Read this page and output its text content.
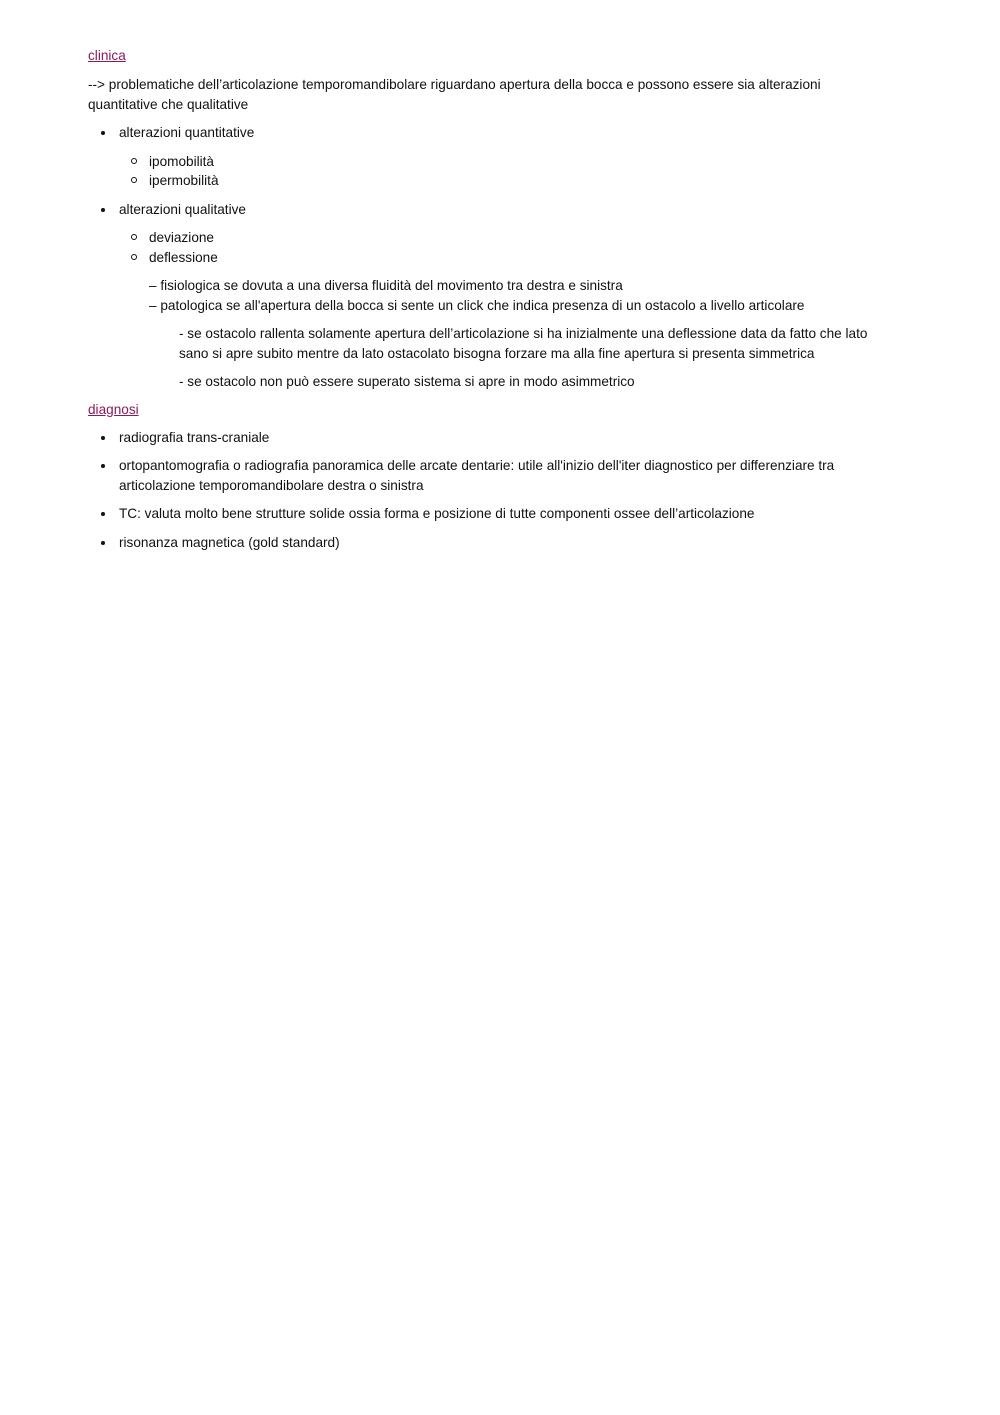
clinica

--> problematiche dell’articolazione temporomandibolare riguardano apertura della bocca e possono essere sia alterazioni quantitative che qualitative

alterazioni quantitative
ipomobilità
ipermobilità
alterazioni qualitative
deviazione
deflessione

– fisiologica se dovuta a una diversa fluidità del movimento tra destra e sinistra

– patologica se all'apertura della bocca si sente un click che indica presenza di un ostacolo a livello articolare

- se ostacolo rallenta solamente apertura dell’articolazione si ha inizialmente una deflessione data da fatto che lato sano si apre subito mentre da lato ostacolato bisogna forzare ma alla fine apertura si presenta simmetrica

- se ostacolo non può essere superato sistema si apre in modo asimmetrico

diagnosi
radiografia trans-craniale
ortopantomografia o radiografia panoramica delle arcate dentarie: utile all'inizio dell'iter diagnostico per differenziare tra articolazione temporomandibolare destra o sinistra
TC: valuta molto bene strutture solide ossia forma e posizione di tutte componenti ossee dell’articolazione
risonanza magnetica (gold standard)
